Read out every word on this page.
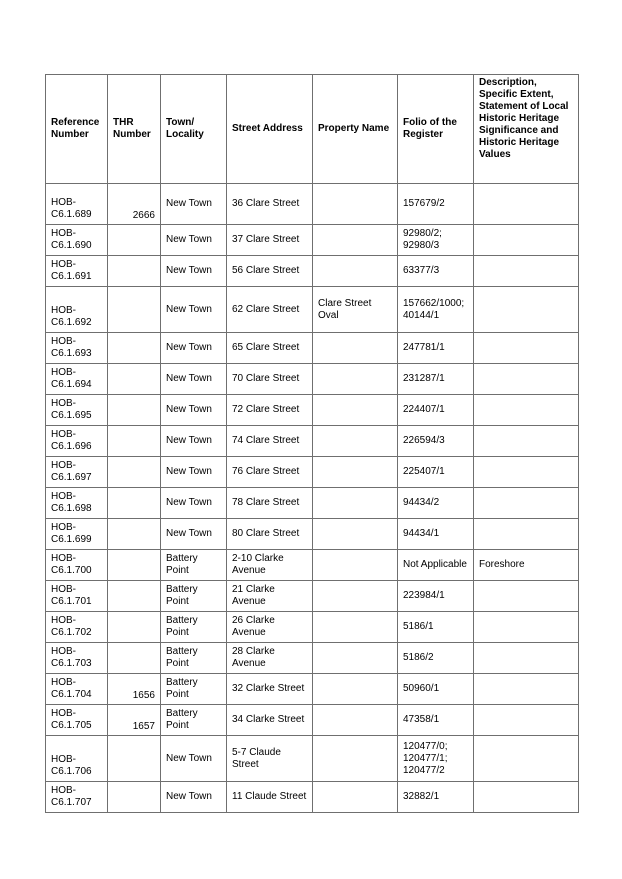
Reference Number	THR Number	Town/ Locality	Street Address	Property Name	Folio of the Register	Description, Specific Extent, Statement of Local Historic Heritage Significance and Historic Heritage Values
HOB-C6.1.689	2666	New Town	36 Clare Street		157679/2	
HOB-C6.1.690		New Town	37 Clare Street		92980/2; 92980/3	
HOB-C6.1.691		New Town	56 Clare Street		63377/3	
HOB-C6.1.692		New Town	62 Clare Street	Clare Street Oval	157662/1000; 40144/1	
HOB-C6.1.693		New Town	65 Clare Street		247781/1	
HOB-C6.1.694		New Town	70 Clare Street		231287/1	
HOB-C6.1.695		New Town	72 Clare Street		224407/1	
HOB-C6.1.696		New Town	74 Clare Street		226594/3	
HOB-C6.1.697		New Town	76 Clare Street		225407/1	
HOB-C6.1.698		New Town	78 Clare Street		94434/2	
HOB-C6.1.699		New Town	80 Clare Street		94434/1	
HOB-C6.1.700		Battery Point	2-10 Clarke Avenue		Not Applicable	Foreshore
HOB-C6.1.701		Battery Point	21 Clarke Avenue		223984/1	
HOB-C6.1.702		Battery Point	26 Clarke Avenue		5186/1	
HOB-C6.1.703		Battery Point	28 Clarke Avenue		5186/2	
HOB-C6.1.704	1656	Battery Point	32 Clarke Street		50960/1	
HOB-C6.1.705	1657	Battery Point	34 Clarke Street		47358/1	
HOB-C6.1.706		New Town	5-7 Claude Street		120477/0; 120477/1; 120477/2	
HOB-C6.1.707		New Town	11 Claude Street		32882/1	
